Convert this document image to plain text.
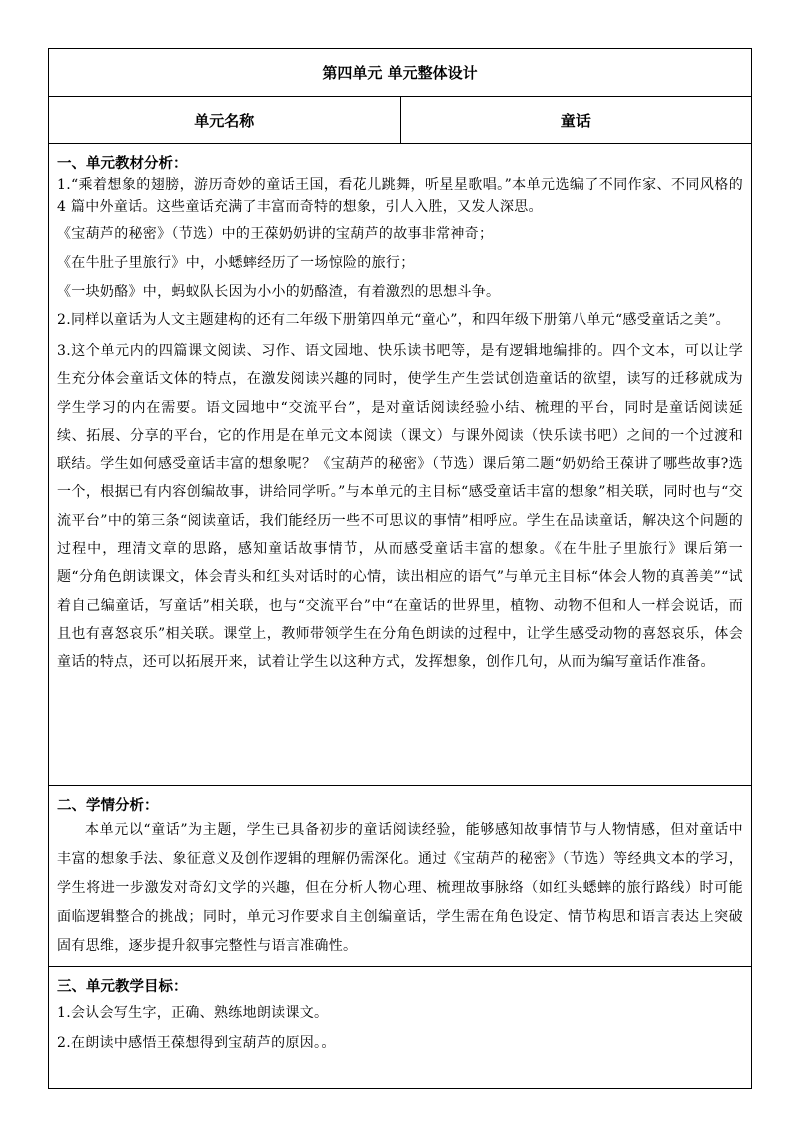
第四单元 单元整体设计
单元名称	童话
一、单元教材分析：

1.“乘着想象的翅膀，游历奇妙的童话王国，看花儿跳舞，听星星歌唱。”本单元选编了不同作家、不同风格的 4 篇中外童话。这些童话充满了丰富而奇特的想象，引人入胜，又发人深思。

《宝葫芦的秘密》（节选）中的王葆奶奶讲的宝葫芦的故事非常神奇；

《在牛肚子里旅行》中，小蟋蟀经历了一场惊险的旅行；

《一块奶酪》中，蚂蚁队长因为小小的奶酪渣，有着激烈的思想斗争。

2.同样以童话为人文主题建构的还有二年级下册第四单元“童心”，和四年级下册第八单元“感受童话之美”。

3.这个单元内的四篇课文阅读、习作、语文园地、快乐读书吧等，是有逻辑地编排的。四个文本，可以让学生充分体会童话文体的特点，在激发阅读兴趣的同时，使学生产生尝试创造童话的欲望，读写的迁移就成为学生学习的内在需要。语文园地中“交流平台”，是对童话阅读经验小结、梳理的平台，同时是童话阅读延续、拓展、分享的平台，它的作用是在单元文本阅读（课文）与课外阅读（快乐读书吧）之间的一个过渡和联结。学生如何感受童话丰富的想象呢？《宝葫芦的秘密》（节选）课后第二题“奶奶给王葆讲了哪些故事?选一个，根据已有内容创编故事，讲给同学听。”与本单元的主目标“感受童话丰富的想象”相关联，同时也与“交流平台”中的第三条“阅读童话，我们能经历一些不可思议的事情”相呼应。学生在品读童话，解决这个问题的过程中，理清文章的思路，感知童话故事情节，从而感受童话丰富的想象。《在牛肚子里旅行》课后第一题“分角色朗读课文，体会青头和红头对话时的心情，读出相应的语气”与单元主目标“体会人物的真善美”“试着自己编童话，写童话”相关联，也与“交流平台”中“在童话的世界里，植物、动物不但和人一样会说话，而且也有喜怒哀乐”相关联。课堂上，教师带领学生在分角色朗读的过程中，让学生感受动物的喜怒哀乐，体会童话的特点，还可以拓展开来，试着让学生以这种方式，发挥想象，创作几句，从而为编写童话作准备。

二、学情分析：

本单元以“童话”为主题，学生已具备初步的童话阅读经验，能够感知故事情节与人物情感，但对童话中丰富的想象手法、象征意义及创作逻辑的理解仍需深化。通过《宝葫芦的秘密》（节选）等经典文本的学习，学生将进一步激发对奇幻文学的兴趣，但在分析人物心理、梳理故事脉络（如红头蟋蟀的旅行路线）时可能面临逻辑整合的挑战；同时，单元习作要求自主创编童话，学生需在角色设定、情节构思和语言表达上突破固有思维，逐步提升叙事完整性与语言准确性。

三、单元教学目标：

1.会认会写生字，正确、熟练地朗读课文。

2.在朗读中感悟王葆想得到宝葫芦的原因。。
